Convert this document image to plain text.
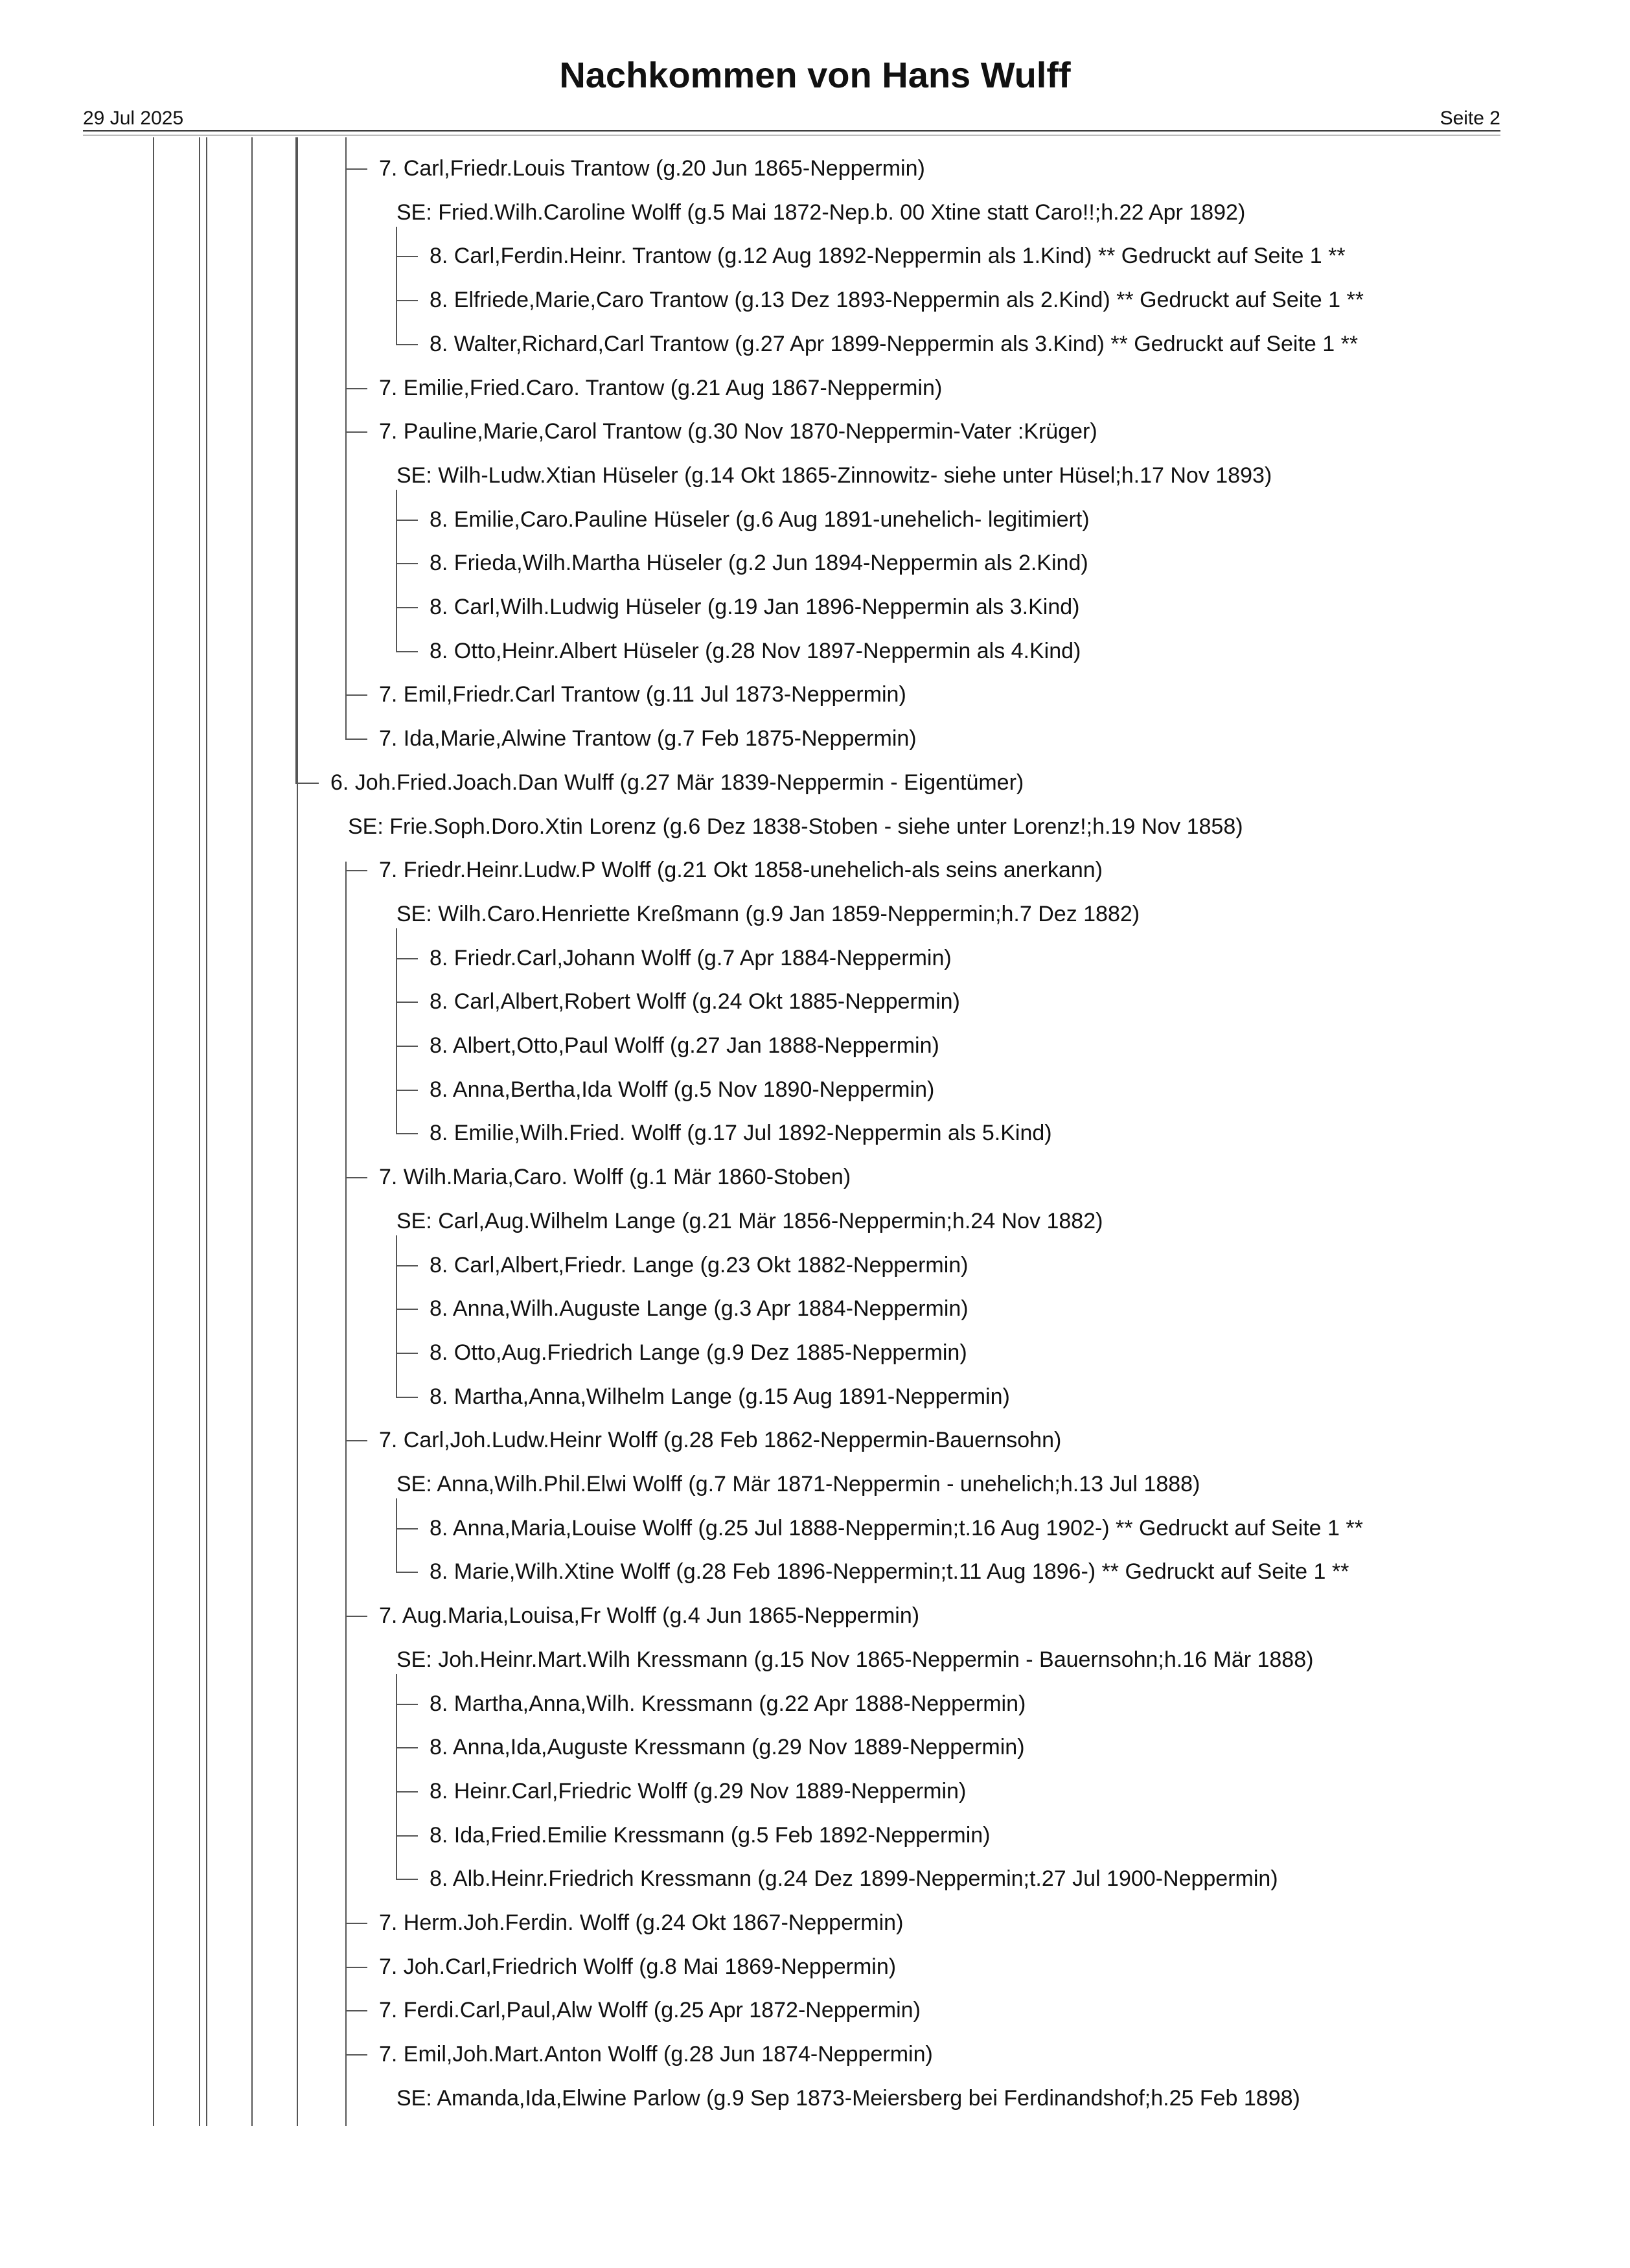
Nachkommen von Hans Wulff
29 Jul 2025	Seite 2
7. Carl,Friedr.Louis Trantow (g.20 Jun 1865-Neppermin)
SE: Fried.Wilh.Caroline Wolff (g.5 Mai 1872-Nep.b. 00 Xtine statt Caro!!;h.22 Apr 1892)
8. Carl,Ferdin.Heinr. Trantow (g.12 Aug 1892-Neppermin als 1.Kind) ** Gedruckt auf Seite 1 **
8. Elfriede,Marie,Caro Trantow (g.13 Dez 1893-Neppermin als 2.Kind) ** Gedruckt auf Seite 1 **
8. Walter,Richard,Carl Trantow (g.27 Apr 1899-Neppermin als 3.Kind) ** Gedruckt auf Seite 1 **
7. Emilie,Fried.Caro. Trantow (g.21 Aug 1867-Neppermin)
7. Pauline,Marie,Carol Trantow (g.30 Nov 1870-Neppermin-Vater :Krüger)
SE: Wilh-Ludw.Xtian Hüseler (g.14 Okt 1865-Zinnowitz- siehe unter Hüsel;h.17 Nov 1893)
8. Emilie,Caro.Pauline Hüseler (g.6 Aug 1891-unehelich- legitimiert)
8. Frieda,Wilh.Martha Hüseler (g.2 Jun 1894-Neppermin als 2.Kind)
8. Carl,Wilh.Ludwig Hüseler (g.19 Jan 1896-Neppermin als 3.Kind)
8. Otto,Heinr.Albert Hüseler (g.28 Nov 1897-Neppermin als 4.Kind)
7. Emil,Friedr.Carl Trantow (g.11 Jul 1873-Neppermin)
7. Ida,Marie,Alwine Trantow (g.7 Feb 1875-Neppermin)
6. Joh.Fried.Joach.Dan Wulff (g.27 Mär 1839-Neppermin - Eigentümer)
SE: Frie.Soph.Doro.Xtin Lorenz (g.6 Dez 1838-Stoben - siehe unter Lorenz!;h.19 Nov 1858)
7. Friedr.Heinr.Ludw.P Wolff (g.21 Okt 1858-unehelich-als seins anerkann)
SE: Wilh.Caro.Henriette Kreßmann (g.9 Jan 1859-Neppermin;h.7 Dez 1882)
8. Friedr.Carl,Johann Wolff (g.7 Apr 1884-Neppermin)
8. Carl,Albert,Robert Wolff (g.24 Okt 1885-Neppermin)
8. Albert,Otto,Paul Wolff (g.27 Jan 1888-Neppermin)
8. Anna,Bertha,Ida Wolff (g.5 Nov 1890-Neppermin)
8. Emilie,Wilh.Fried. Wolff (g.17 Jul 1892-Neppermin als 5.Kind)
7. Wilh.Maria,Caro. Wolff (g.1 Mär 1860-Stoben)
SE: Carl,Aug.Wilhelm Lange (g.21 Mär 1856-Neppermin;h.24 Nov 1882)
8. Carl,Albert,Friedr. Lange (g.23 Okt 1882-Neppermin)
8. Anna,Wilh.Auguste Lange (g.3 Apr 1884-Neppermin)
8. Otto,Aug.Friedrich Lange (g.9 Dez 1885-Neppermin)
8. Martha,Anna,Wilhelm Lange (g.15 Aug 1891-Neppermin)
7. Carl,Joh.Ludw.Heinr Wolff (g.28 Feb 1862-Neppermin-Bauernsohn)
SE: Anna,Wilh.Phil.Elwi Wolff (g.7 Mär 1871-Neppermin - unehelich;h.13 Jul 1888)
8. Anna,Maria,Louise Wolff (g.25 Jul 1888-Neppermin;t.16 Aug 1902-) ** Gedruckt auf Seite 1 **
8. Marie,Wilh.Xtine Wolff (g.28 Feb 1896-Neppermin;t.11 Aug 1896-) ** Gedruckt auf Seite 1 **
7. Aug.Maria,Louisa,Fr Wolff (g.4 Jun 1865-Neppermin)
SE: Joh.Heinr.Mart.Wilh Kressmann (g.15 Nov 1865-Neppermin - Bauernsohn;h.16 Mär 1888)
8. Martha,Anna,Wilh. Kressmann (g.22 Apr 1888-Neppermin)
8. Anna,Ida,Auguste Kressmann (g.29 Nov 1889-Neppermin)
8. Heinr.Carl,Friedric Wolff (g.29 Nov 1889-Neppermin)
8. Ida,Fried.Emilie Kressmann (g.5 Feb 1892-Neppermin)
8. Alb.Heinr.Friedrich Kressmann (g.24 Dez 1899-Neppermin;t.27 Jul 1900-Neppermin)
7. Herm.Joh.Ferdin. Wolff (g.24 Okt 1867-Neppermin)
7. Joh.Carl,Friedrich Wolff (g.8 Mai 1869-Neppermin)
7. Ferdi.Carl,Paul,Alw Wolff (g.25 Apr 1872-Neppermin)
7. Emil,Joh.Mart.Anton Wolff (g.28 Jun 1874-Neppermin)
SE: Amanda,Ida,Elwine Parlow (g.9 Sep 1873-Meiersberg bei Ferdinandshof;h.25 Feb 1898)
